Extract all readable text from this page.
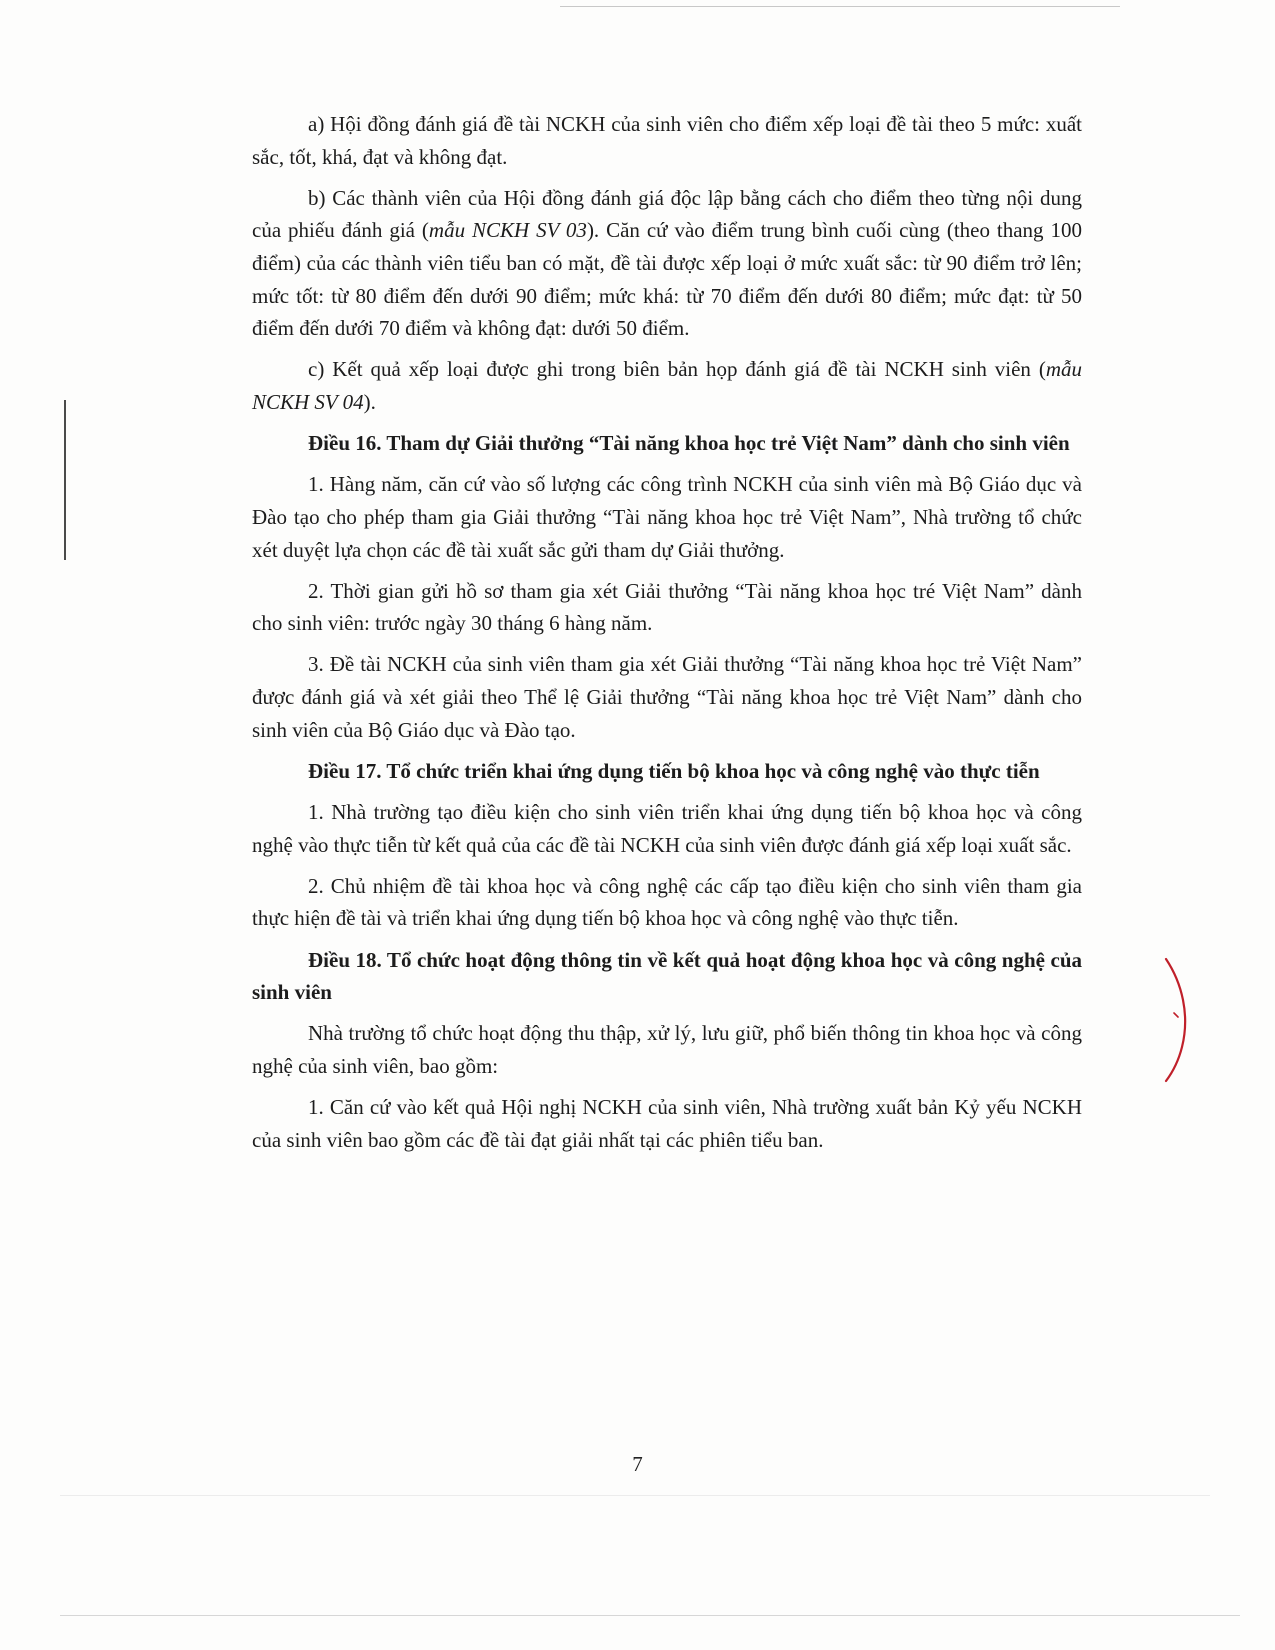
a) Hội đồng đánh giá đề tài NCKH của sinh viên cho điểm xếp loại đề tài theo 5 mức: xuất sắc, tốt, khá, đạt và không đạt.

b) Các thành viên của Hội đồng đánh giá độc lập bằng cách cho điểm theo từng nội dung của phiếu đánh giá (mẫu NCKH SV 03). Căn cứ vào điểm trung bình cuối cùng (theo thang 100 điểm) của các thành viên tiểu ban có mặt, đề tài được xếp loại ở mức xuất sắc: từ 90 điểm trở lên; mức tốt: từ 80 điểm đến dưới 90 điểm; mức khá: từ 70 điểm đến dưới 80 điểm; mức đạt: từ 50 điểm đến dưới 70 điểm và không đạt: dưới 50 điểm.

c) Kết quả xếp loại được ghi trong biên bản họp đánh giá đề tài NCKH sinh viên (mẫu NCKH SV 04).

Điều 16. Tham dự Giải thưởng “Tài năng khoa học trẻ Việt Nam” dành cho sinh viên

1. Hàng năm, căn cứ vào số lượng các công trình NCKH của sinh viên mà Bộ Giáo dục và Đào tạo cho phép tham gia Giải thưởng “Tài năng khoa học trẻ Việt Nam”, Nhà trường tổ chức xét duyệt lựa chọn các đề tài xuất sắc gửi tham dự Giải thưởng.

2. Thời gian gửi hồ sơ tham gia xét Giải thưởng “Tài năng khoa học tré Việt Nam” dành cho sinh viên: trước ngày 30 tháng 6 hàng năm.

3. Đề tài NCKH của sinh viên tham gia xét Giải thưởng “Tài năng khoa học trẻ Việt Nam” được đánh giá và xét giải theo Thể lệ Giải thưởng “Tài năng khoa học trẻ Việt Nam” dành cho sinh viên của Bộ Giáo dục và Đào tạo.

Điều 17. Tổ chức triển khai ứng dụng tiến bộ khoa học và công nghệ vào thực tiễn

1. Nhà trường tạo điều kiện cho sinh viên triển khai ứng dụng tiến bộ khoa học và công nghệ vào thực tiễn từ kết quả của các đề tài NCKH của sinh viên được đánh giá xếp loại xuất sắc.

2. Chủ nhiệm đề tài khoa học và công nghệ các cấp tạo điều kiện cho sinh viên tham gia thực hiện đề tài và triển khai ứng dụng tiến bộ khoa học và công nghệ vào thực tiễn.

Điều 18. Tổ chức hoạt động thông tin về kết quả hoạt động khoa học và công nghệ của sinh viên

Nhà trường tổ chức hoạt động thu thập, xử lý, lưu giữ, phổ biến thông tin khoa học và công nghệ của sinh viên, bao gồm:

1. Căn cứ vào kết quả Hội nghị NCKH của sinh viên, Nhà trường xuất bản Kỷ yếu NCKH của sinh viên bao gồm các đề tài đạt giải nhất tại các phiên tiểu ban.

7
